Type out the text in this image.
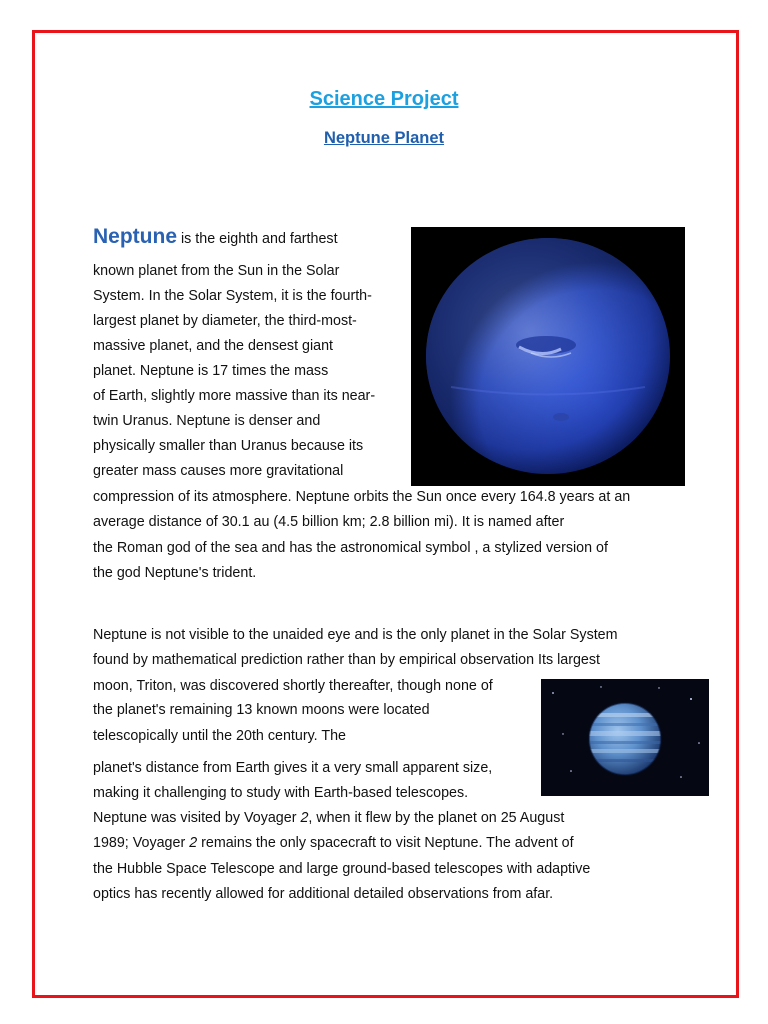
Science Project
Neptune Planet
Neptune is the eighth and farthest
known planet from the Sun in the Solar
System. In the Solar System, it is the fourth-
largest planet by diameter, the third-most-
massive planet, and the densest giant
planet. Neptune is 17 times the mass
of Earth, slightly more massive than its near-
twin Uranus. Neptune is denser and
physically smaller than Uranus because its
greater mass causes more gravitational
compression of its atmosphere. Neptune orbits the Sun once every 164.8 years at an
average distance of 30.1 au (4.5 billion km; 2.8 billion mi). It is named after
the Roman god of the sea and has the astronomical symbol , a stylized version of
the god Neptune's trident.
Neptune is not visible to the unaided eye and is the only planet in the Solar System
found by mathematical prediction rather than by empirical observation Its largest
moon, Triton, was discovered shortly thereafter, though none of
the planet's remaining 13 known moons were located
telescopically until the 20th century. The
planet's distance from Earth gives it a very small apparent size,
making it challenging to study with Earth-based telescopes.
Neptune was visited by Voyager 2, when it flew by the planet on 25 August
1989; Voyager 2 remains the only spacecraft to visit Neptune. The advent of
the Hubble Space Telescope and large ground-based telescopes with adaptive
optics has recently allowed for additional detailed observations from afar.
